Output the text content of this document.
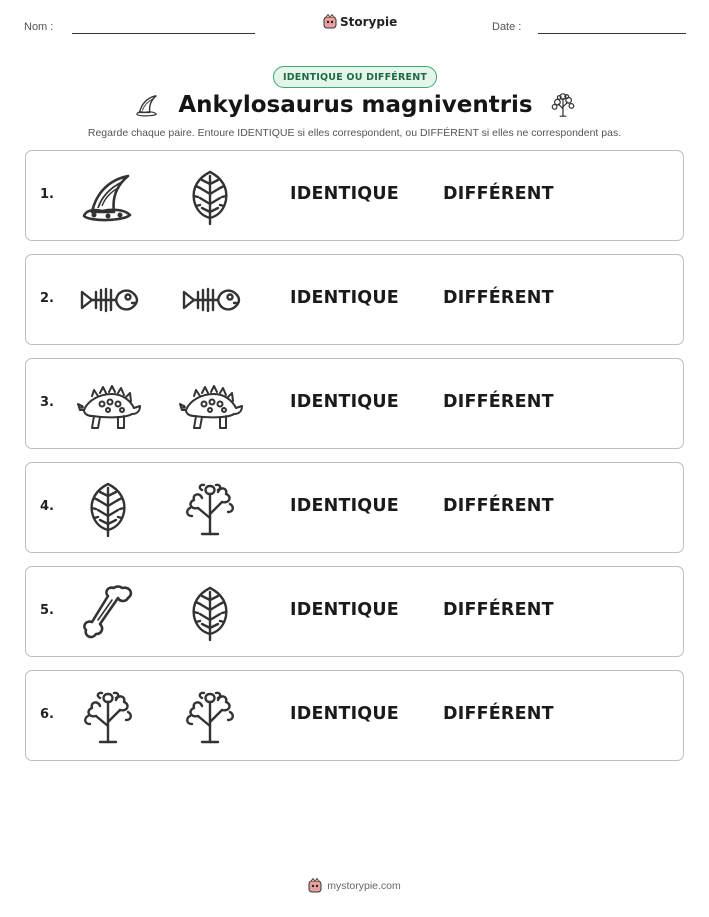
Nom :	Storypie	Date :
IDENTIQUE OU DIFFÉRENT
Ankylosaurus magniventris
Regarde chaque paire. Entoure IDENTIQUE si elles correspondent, ou DIFFÉRENT si elles ne correspondent pas.
1.	IDENTIQUE	DIFFÉRENT
2.	IDENTIQUE	DIFFÉRENT
3.	IDENTIQUE	DIFFÉRENT
4.	IDENTIQUE	DIFFÉRENT
5.	IDENTIQUE	DIFFÉRENT
6.	IDENTIQUE	DIFFÉRENT
mystorypie.com
